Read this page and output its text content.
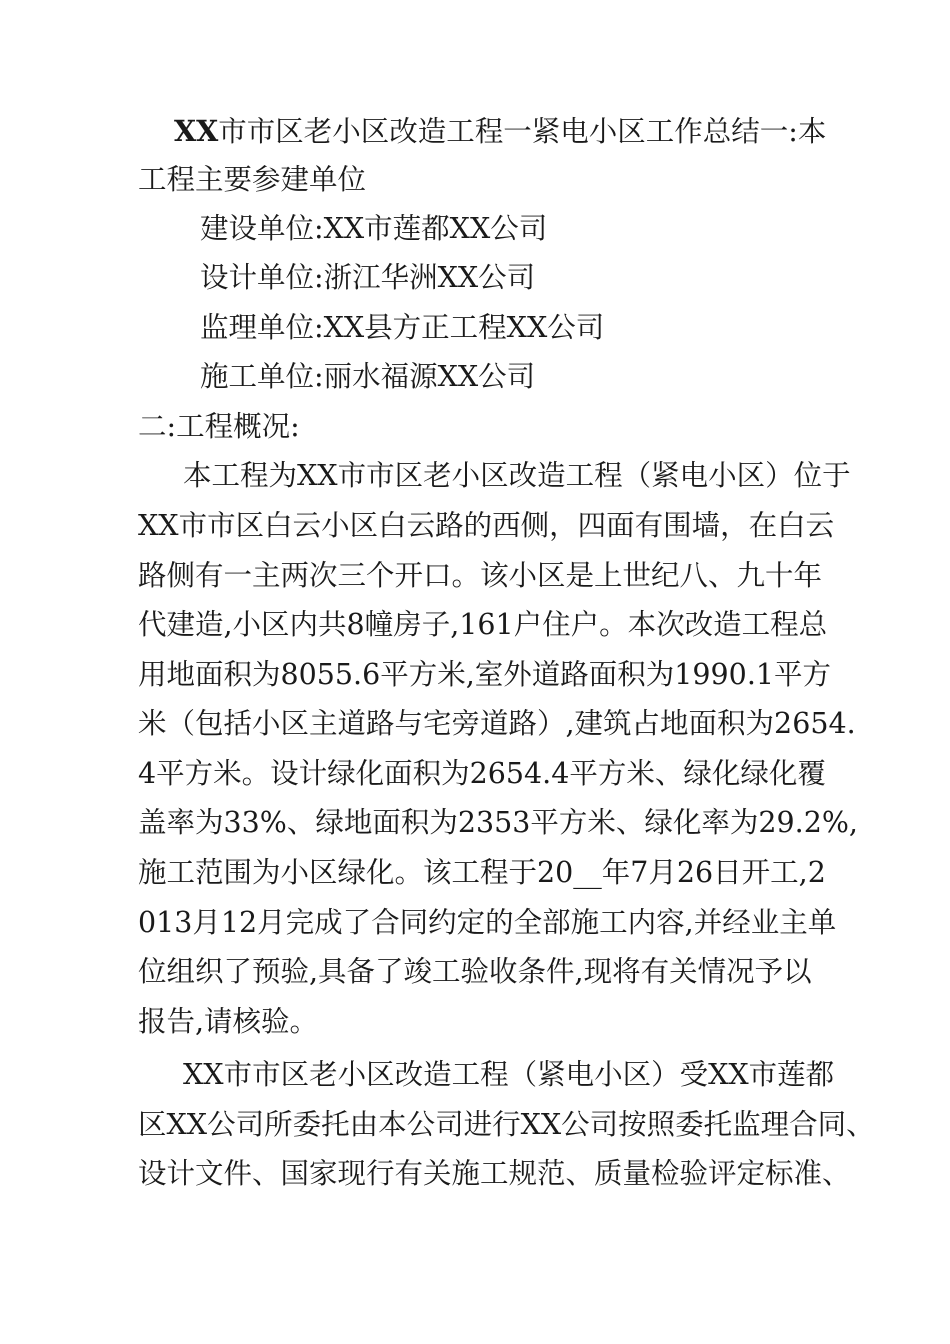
XX市市区老小区改造工程一紧电小区工作总结一:本
工程主要参建单位
建设单位:XX市莲都XX公司
设计单位:浙江华洲XX公司
监理单位:XX县方正工程XX公司
施工单位:丽水福源XX公司
二:工程概况:
本工程为XX市市区老小区改造工程（紧电小区）位于
XX市市区白云小区白云路的西侧，四面有围墙，在白云
路侧有一主两次三个开口。该小区是上世纪八、九十年
代建造,小区内共8幢房子,161户住户。本次改造工程总
用地面积为8055.6平方米,室外道路面积为1990.1平方
米（包括小区主道路与宅旁道路）,建筑占地面积为2654.
4平方米。设计绿化面积为2654.4平方米、绿化绿化覆
盖率为33%、绿地面积为2353平方米、绿化率为29.2%,
施工范围为小区绿化。该工程于20__年7月26日开工,2
013月12月完成了合同约定的全部施工内容,并经业主单
位组织了预验,具备了竣工验收条件,现将有关情况予以
报告,请核验。
XX市市区老小区改造工程（紧电小区）受XX市莲都
区XX公司所委托由本公司进行XX公司按照委托监理合同、
设计文件、国家现行有关施工规范、质量检验评定标准、
